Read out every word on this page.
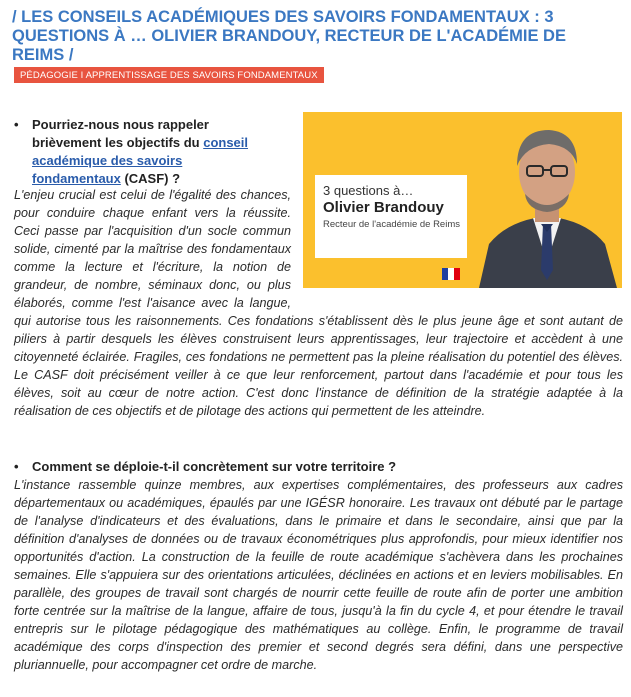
/ LES CONSEILS ACADÉMIQUES DES SAVOIRS FONDAMENTAUX : 3 QUESTIONS À … OLIVIER BRANDOUY, RECTEUR DE L'ACADÉMIE DE REIMS /
PÉDAGOGIE I APPRENTISSAGE DES SAVOIRS FONDAMENTAUX
3 questions à…
Olivier Brandouy
Recteur de l'académie de Reims
•	Pourriez-nous nous rappeler brièvement les objectifs du conseil académique des savoirs fondamentaux (CASF) ?

L'enjeu crucial est celui de l'égalité des chances, pour conduire chaque enfant vers la réussite. Ceci passe par l'acquisition d'un socle commun solide, cimenté par la maîtrise des fondamentaux comme la lecture et l'écriture, la notion de grandeur, de nombre, séminaux donc, ou plus élaborés, comme l'est l'aisance avec la langue, qui autorise tous les raisonnements. Ces fondations s'établissent dès le plus jeune âge et sont autant de piliers à partir desquels les élèves construisent leurs apprentissages, leur trajectoire et accèdent à une citoyenneté éclairée. Fragiles, ces fondations ne permettent pas la pleine réalisation du potentiel des élèves. Le CASF doit précisément veiller à ce que leur renforcement, partout dans l'académie et pour tous les élèves, soit au cœur de notre action. C'est donc l'instance de définition de la stratégie adaptée à la réalisation de ces objectifs et de pilotage des actions qui permettent de les atteindre.

•	Comment se déploie-t-il concrètement sur votre territoire ?

L'instance rassemble quinze membres, aux expertises complémentaires, des professeurs aux cadres départementaux ou académiques, épaulés par une IGÉSR honoraire. Les travaux ont débuté par le partage de l'analyse d'indicateurs et des évaluations, dans le primaire et dans le secondaire, ainsi que par la définition d'analyses de données ou de travaux économétriques plus approfondis, pour mieux identifier nos opportunités d'action. La construction de la feuille de route académique s'achèvera dans les prochaines semaines. Elle s'appuiera sur des orientations articulées, déclinées en actions et en leviers mobilisables. En parallèle, des groupes de travail sont chargés de nourrir cette feuille de route afin de porter une ambition forte centrée sur la maîtrise de la langue, affaire de tous, jusqu'à la fin du cycle 4, et pour étendre le travail entrepris sur le pilotage pédagogique des mathématiques au collège. Enfin, le programme de travail académique des corps d'inspection des premier et second degrés sera défini, dans une perspective pluriannuelle, pour accompagner cet ordre de marche.
